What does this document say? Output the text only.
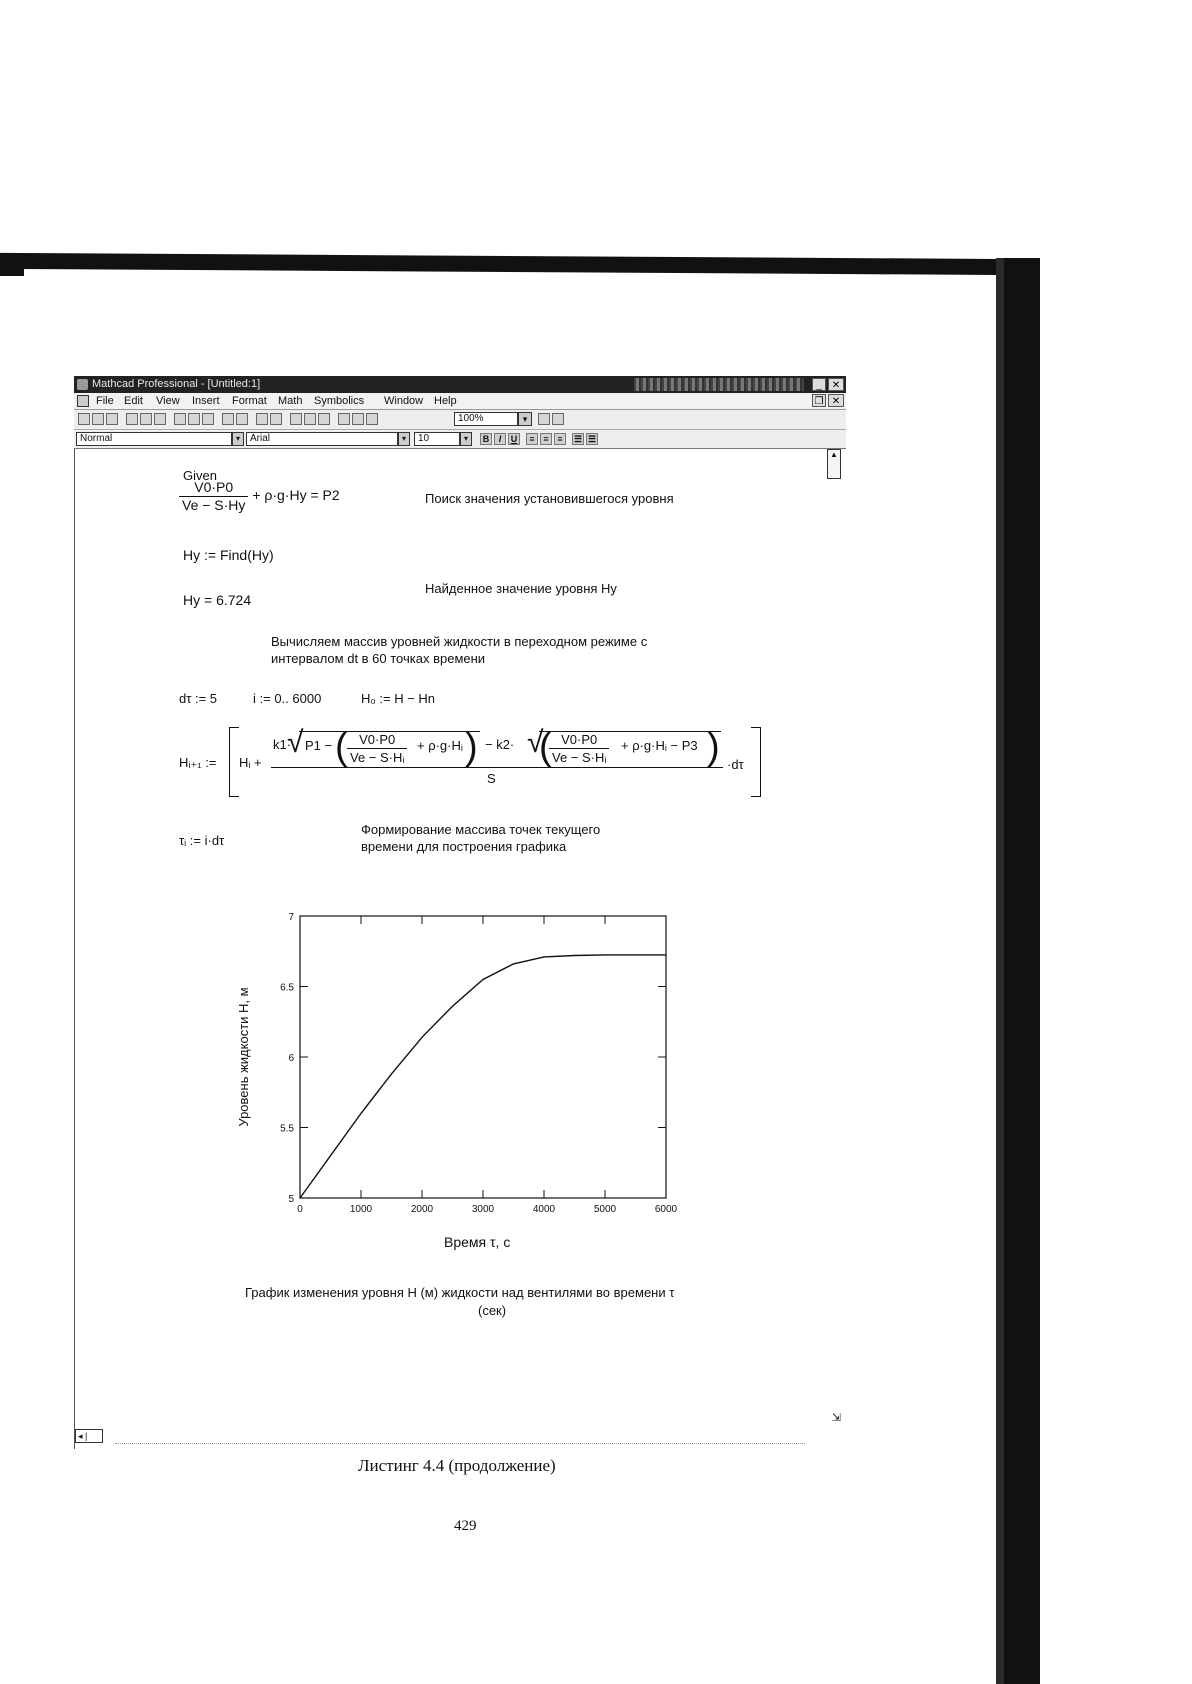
Mathcad Professional - [Untitled:1]	_	✕
File Edit View Insert Format Math Symbolics Window Help	❐ ✕
100%	▾
Normal	▾	Arial	▾	10	▾	B	I	U	≡ ≡ ≡	☰ ☰
▲
Given
$\frac{V0\cdot P0}{Ve - S\cdot Hy} + \rho\cdot g\cdot Hy = P2$	Поиск значения установившегося уровня
Hy := Find(Hy)
Hy = 6.724
Найденное значение уровня Hy
Вычисляем массив уровней жидкости в переходном режиме с
интервалом dt в 60 точках времени
dτ := 5	i := 0.. 6000	H₀ := H − Hn
Hᵢ₊₁ := Hᵢ +
k1· √ P1 − ( $\frac{V0\cdot P0}{\text{Ve − S·Hᵢ}}$ + ρ·g·Hᵢ ) − k2· √ (
$\frac{V0\cdot P0}{\text{Ve − S·Hᵢ}}$ + ρ·g·Hᵢ − P3 )
S
·dτ
τᵢ := i·dτ
Формирование массива точек текущего
времени для построения графика
◂ |
⇲
0	1000	2000	3000	4000	5000	6000
5
5.5
6
6.5
7
Уровень жидкости H, м
Время τ, с
График изменения уровня Н (м) жидкости над вентилями во времени τ
(сек)
Листинг 4.4 (продолжение)
429
